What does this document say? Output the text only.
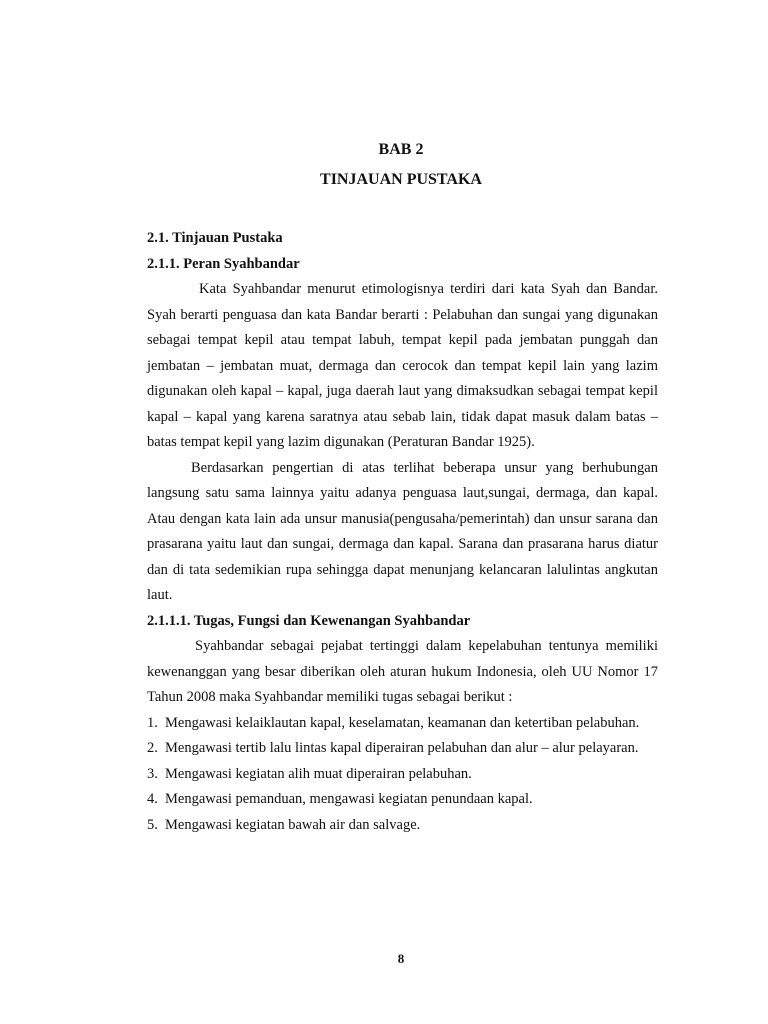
BAB 2
TINJAUAN PUSTAKA

2.1. Tinjauan Pustaka

2.1.1. Peran Syahbandar

Kata Syahbandar menurut etimologisnya terdiri dari kata Syah dan Bandar. Syah berarti penguasa dan kata Bandar berarti : Pelabuhan dan sungai yang digunakan sebagai tempat kepil atau tempat labuh, tempat kepil pada jembatan punggah dan jembatan – jembatan muat, dermaga dan cerocok dan tempat kepil lain yang lazim digunakan oleh kapal – kapal, juga daerah laut yang dimaksudkan sebagai tempat kepil kapal – kapal yang karena saratnya atau sebab lain, tidak dapat masuk dalam batas – batas tempat kepil yang lazim digunakan (Peraturan Bandar 1925).

Berdasarkan pengertian di atas terlihat beberapa unsur yang berhubungan langsung satu sama lainnya yaitu adanya penguasa laut,sungai, dermaga, dan kapal. Atau dengan kata lain ada unsur manusia(pengusaha/pemerintah) dan unsur sarana dan prasarana yaitu laut dan sungai, dermaga dan kapal. Sarana dan prasarana harus diatur dan di tata sedemikian rupa sehingga dapat menunjang kelancaran lalulintas angkutan laut.

2.1.1.1. Tugas, Fungsi dan Kewenangan Syahbandar

Syahbandar sebagai pejabat tertinggi dalam kepelabuhan tentunya memiliki kewenanggan yang besar diberikan oleh aturan hukum Indonesia, oleh UU Nomor 17 Tahun 2008 maka Syahbandar memiliki tugas sebagai berikut :

1. Mengawasi kelaiklautan kapal, keselamatan, keamanan dan ketertiban pelabuhan.
2. Mengawasi tertib lalu lintas kapal diperairan pelabuhan dan alur – alur pelayaran.
3. Mengawasi kegiatan alih muat diperairan pelabuhan.
4. Mengawasi pemanduan, mengawasi kegiatan penundaan kapal.
5. Mengawasi kegiatan bawah air dan salvage.

8
